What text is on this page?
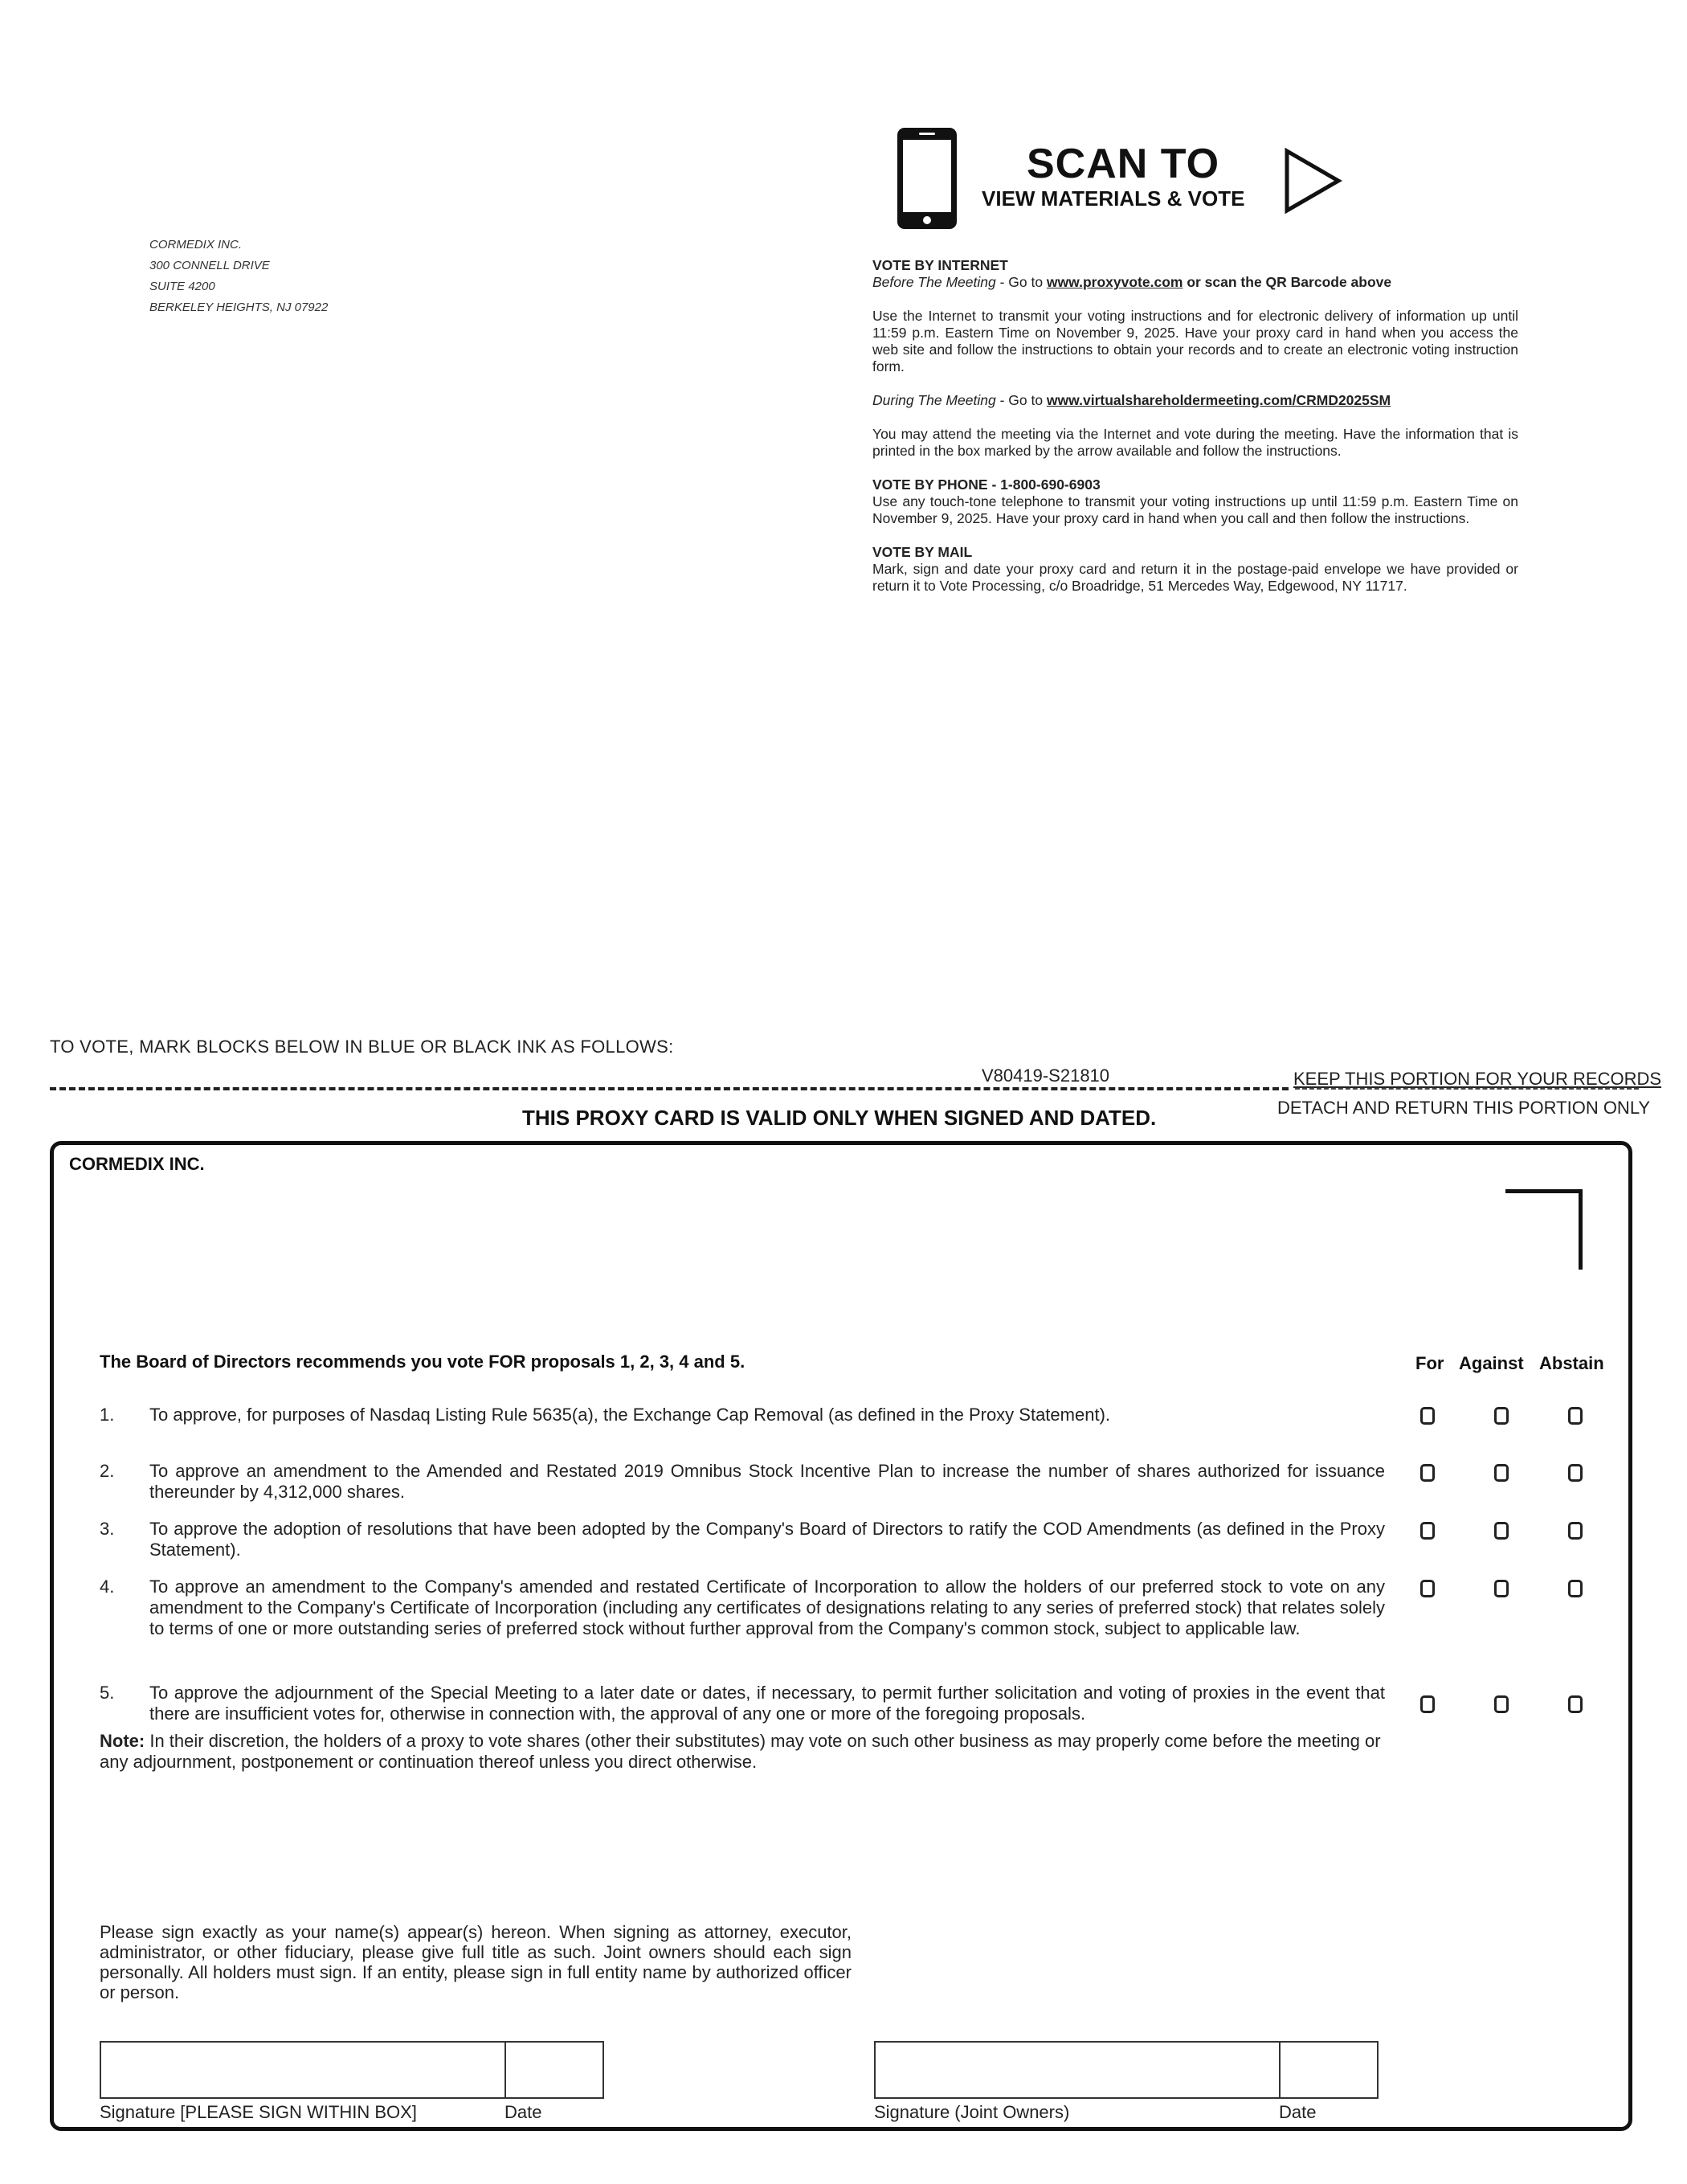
CORMEDIX INC.
300 CONNELL DRIVE
SUITE 4200
BERKELEY HEIGHTS, NJ 07922
SCAN TO
VIEW MATERIALS & VOTE
VOTE BY INTERNET
Before The Meeting - Go to www.proxyvote.com or scan the QR Barcode above

Use the Internet to transmit your voting instructions and for electronic delivery of information up until 11:59 p.m. Eastern Time on November 9, 2025. Have your proxy card in hand when you access the web site and follow the instructions to obtain your records and to create an electronic voting instruction form.

During The Meeting - Go to www.virtualshareholdermeeting.com/CRMD2025SM

You may attend the meeting via the Internet and vote during the meeting. Have the information that is printed in the box marked by the arrow available and follow the instructions.

VOTE BY PHONE - 1-800-690-6903

Use any touch-tone telephone to transmit your voting instructions up until 11:59 p.m. Eastern Time on November 9, 2025. Have your proxy card in hand when you call and then follow the instructions.

VOTE BY MAIL

Mark, sign and date your proxy card and return it in the postage-paid envelope we have provided or return it to Vote Processing, c/o Broadridge, 51 Mercedes Way, Edgewood, NY 11717.

TO VOTE, MARK BLOCKS BELOW IN BLUE OR BLACK INK AS FOLLOWS:
V80419-S21810	KEEP THIS PORTION FOR YOUR RECORDS
THIS PROXY CARD IS VALID ONLY WHEN SIGNED AND DATED.	DETACH AND RETURN THIS PORTION ONLY
CORMEDIX INC.
The Board of Directors recommends you vote FOR proposals 1, 2, 3, 4 and 5.	For Against Abstain
1. To approve, for purposes of Nasdaq Listing Rule 5635(a), the Exchange Cap Removal (as defined in the Proxy Statement).
2. To approve an amendment to the Amended and Restated 2019 Omnibus Stock Incentive Plan to increase the number of shares authorized for issuance thereunder by 4,312,000 shares.
3. To approve the adoption of resolutions that have been adopted by the Company's Board of Directors to ratify the COD Amendments (as defined in the Proxy Statement).
4. To approve an amendment to the Company's amended and restated Certificate of Incorporation to allow the holders of our preferred stock to vote on any amendment to the Company's Certificate of Incorporation (including any certificates of designations relating to any series of preferred stock) that relates solely to terms of one or more outstanding series of preferred stock without further approval from the Company's common stock, subject to applicable law.
5. To approve the adjournment of the Special Meeting to a later date or dates, if necessary, to permit further solicitation and voting of proxies in the event that there are insufficient votes for, otherwise in connection with, the approval of any one or more of the foregoing proposals.
Note: In their discretion, the holders of a proxy to vote shares (other their substitutes) may vote on such other business as may properly come before the meeting or any adjournment, postponement or continuation thereof unless you direct otherwise.
Please sign exactly as your name(s) appear(s) hereon. When signing as attorney, executor, administrator, or other fiduciary, please give full title as such. Joint owners should each sign personally. All holders must sign. If an entity, please sign in full entity name by authorized officer or person.
Signature [PLEASE SIGN WITHIN BOX]	Date	Signature (Joint Owners)	Date
